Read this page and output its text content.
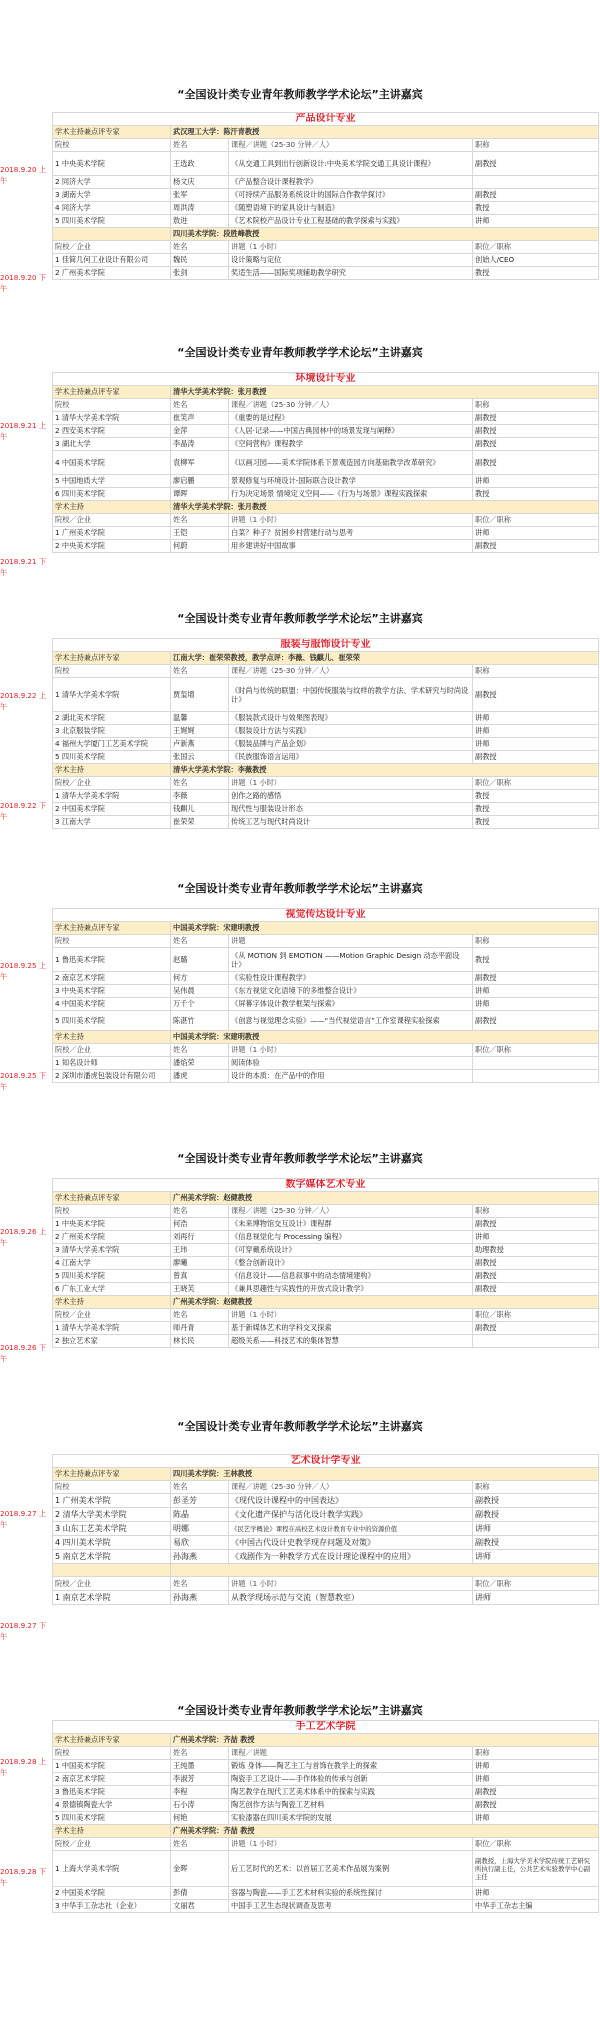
“全国设计类专业青年教师教学学术论坛”主讲嘉宾
2018.9.20 上午
2018.9.20 下午
产品设计专业			
学术主持兼点评专家	武汉理工大学：陈汗青教授		
院校	姓名	课程／讲题（25-30 分钟／人）	职称
1 中央美术学院	王选政	《从交通工具到出行创新设计:中央美术学院交通工具设计课程》	副教授
2 同济大学	杨文庆	《产品整合设计课程教学》	
3 湖南大学	张军	《可持续产品服务系统设计的国际合作教学探讨》	副教授
4 同济大学	周洪涛	《随塑语境下的家具设计与制造》	教授
5 四川美术学院	敖进	《艺术院校产品设计专业工程基础的教学探索与实践》	讲师
	四川美术学院：段胜峰教授		
院校／企业	姓名	讲题（1 小时）	职位／职称
1 佳简几何工业设计有限公司	魏民	设计策略与定位	创始人/CEO
2 广州美术学院	张剑	奖适生活——国际奖项辅助教学研究	教授
“全国设计类专业青年教师教学学术论坛”主讲嘉宾
2018.9.21 上午
2018.9.21 下午
环境设计专业			
学术主持兼点评专家	清华大学美术学院：张月教授		
院校	姓名	课程／讲题（25-30 分钟／人）	职称
1 清华大学美术学院	崔笑声	《重要的是过程》	副教授
2 西安美术学院	金萍	《人居·记录——中国古典园林中的场景发现与阐释》	副教授
3 湖北大学	李晶涛	《空间营构》课程教学	副教授
4 中国美术学院	袁柳军	《以画习园——美术学院体系下景观造园方向基础教学改革研究》	副教授
5 中国地质大学	廖启鹏	景观修复与环境设计-国际联合设计教学	讲师
6 四川美术学院	谭晖	行为决定场景 情境定义空间——《行为与场景》课程实践探索	教授
学术主持	清华大学美术学院：张月教授		
院校／企业	姓名	讲题（1 小时）	职位／职称
1 广州美术学院	王铠	白菜？种子？贫困乡村营建行动与思考	讲师
2 中央美术学院	何蔚	用乡建讲好中国故事	副教授
“全国设计类专业青年教师教学学术论坛”主讲嘉宾
2018.9.22 上午
2018.9.22 下午
服装与服饰设计专业			
学术主持兼点评专家	江南大学：崔荣荣教授，教学点评：李薇、钱麒儿、崔荣荣		
院校	姓名	课程／讲题（25-30 分钟／人）	职称
1 清华大学美术学院	贾玺增	《时尚与传统的联盟：中国传统服装与纹样的教学方法、学术研究与时尚设计》	副教授
2 湖北美术学院	温馨	《服装款式设计与效果图表现》	讲师
3 北京服装学院	王娓娓	《服装设计方法与实践》	讲师
4 福州大学厦门工艺美术学院	卢新燕	《服装品牌与产品企划》	讲师
5 四川美术学院	张国云	《民族服饰语言运用》	副教授
学术主持	清华大学美术学院：李薇教授		
院校／企业	姓名	讲题（1 小时）	职位／职称
1 清华大学美术学院	李薇	创作之路的感悟	教授
2 中国美术学院	钱麒儿	现代性与服装设计形态	教授
3 江南大学	崔荣荣	传统工艺与现代时尚设计	教授
“全国设计类专业青年教师教学学术论坛”主讲嘉宾
2018.9.25 上午
2018.9.25 下午
视觉传达设计专业			
学术主持兼点评专家	中国美术学院：宋建明教授		
院校	姓名	讲题	职称
1 鲁迅美术学院	赵璐	《从 MOTION 到 EMOTION ——Motion Graphic Design 动态平面设计》	教授
2 南京艺术学院	何方	《实验性设计课程教学》	副教授
3 中央美术学院	吴伟晨	《东方视觉文化语境下的多维整合设计》	讲师
4 中国美术学院	万千个	《屏幕字体设计教学框架与探索》	讲师
5 四川美术学院	陈湛竹	《创意与视觉理念实验》——“当代视觉语言”工作室课程实验探索	副教授
学术主持	中国美术学院：宋建明教授		
院校／企业	姓名	讲题（1 小时）	职位／职称
1 知名设计师	潘焰荣	阅读体验	
2 深圳市潘虎包装设计有限公司	潘虎	设计的本质：在产品中的作用	
“全国设计类专业青年教师教学学术论坛”主讲嘉宾
2018.9.26 上午
2018.9.26 下午
数字媒体艺术专业			
学术主持兼点评专家	广州美术学院：赵健教授		
院校	姓名	课程／讲题（25-30 分钟／人）	职称
1 中央美术学院	何浩	《未来博物馆交互设计》课程群	副教授
2 广州美术学院	刘再行	《信息视觉化与 Processing 编程》	讲师
3 清华大学美术学院	王玮	《可穿戴系统设计》	助理教授
4 江南大学	廖曦	《整合创新设计》	副教授
5 四川美术学院	曾真	《信息设计——信息叙事中的动态情境建构》	副教授
6 广东工业大学	王晓芙	《兼具思趣性与实践性的开放式设计教学》	副教授
学术主持	广州美术学院：赵健教授		
院校／企业	姓名	讲题（1 小时）	职位／职称
1 清华大学美术学院	师丹青	基于新媒体艺术的学科交叉探索	副教授
2 独立艺术家	林长民	超级关系——科技艺术的集体智慧	
“全国设计类专业青年教师教学学术论坛”主讲嘉宾
2018.9.27 上午
2018.9.27 下午
艺术设计学专业			
学术主持兼点评专家	四川美术学院：王林教授		
院校	姓名	课程／讲题（25-30 分钟／人）	职称
1 广州美术学院	彭圣芳	《现代设计课程中的中国表达》	副教授
2 清华大学美术学院	陈晶	《文化遗产保护与活化设计教学实践》	副教授
3 山东工艺美术学院	明娜	《民艺学概论》课程在高校艺术设计教育专业中的资源价值	讲师
4 四川美术学院	易欣	《中国古代设计史教学现存问题及对策》	副教授
5 南京艺术学院	孙海燕	《戏剧作为一种教学方式在设计理论课程中的应用》	讲师

院校／企业	姓名	讲题（1 小时）	职位／职称
1 南京艺术学院	孙海燕	从教学现场示范与交流（智慧教室）	讲师
“全国设计类专业青年教师教学学术论坛”主讲嘉宾
2018.9.28 上午
2018.9.28 下午
手工艺术学院			
学术主持兼点评专家	广州美术学院：齐喆 教授		
院校	姓名	课程／讲题	职称
1 中国美术学院	王纯墨	锻炼 身体——陶艺主工与首饰在教学上的探索	讲师
2 南京艺术学院	李淑芳	陶瓷手工艺设计——手作体验的传承与创新	讲师
3 鲁迅美术学院	李程	陶艺教学在现代工艺美术体系中的探索与实践	副教授
4 景德镇陶瓷大学	石小涛	陶艺创作方法与陶瓷工艺材料	副教授
5 四川美术学院	何艳	实验漆器在四川美术学院的发展	讲师
学术主持	广州美术学院：齐喆 教授		
院校／企业	姓名	讲题（1 小时）	职位／职称
1 上海大学美术学院	金晖	后工艺时代的艺术：以首届工艺美术作品展为案例	副教授，上海大学美术学院传统工艺研究所执行副主任，公共艺术实验教学中心副主任
2 中国美术学院	彭倩	容器与陶瓷——手工艺术材料实验的系统性探讨	讲师
3 中华手工杂志社（企业）	文丽君	中国手工艺生态现状调查及思考	中华手工杂志主编
